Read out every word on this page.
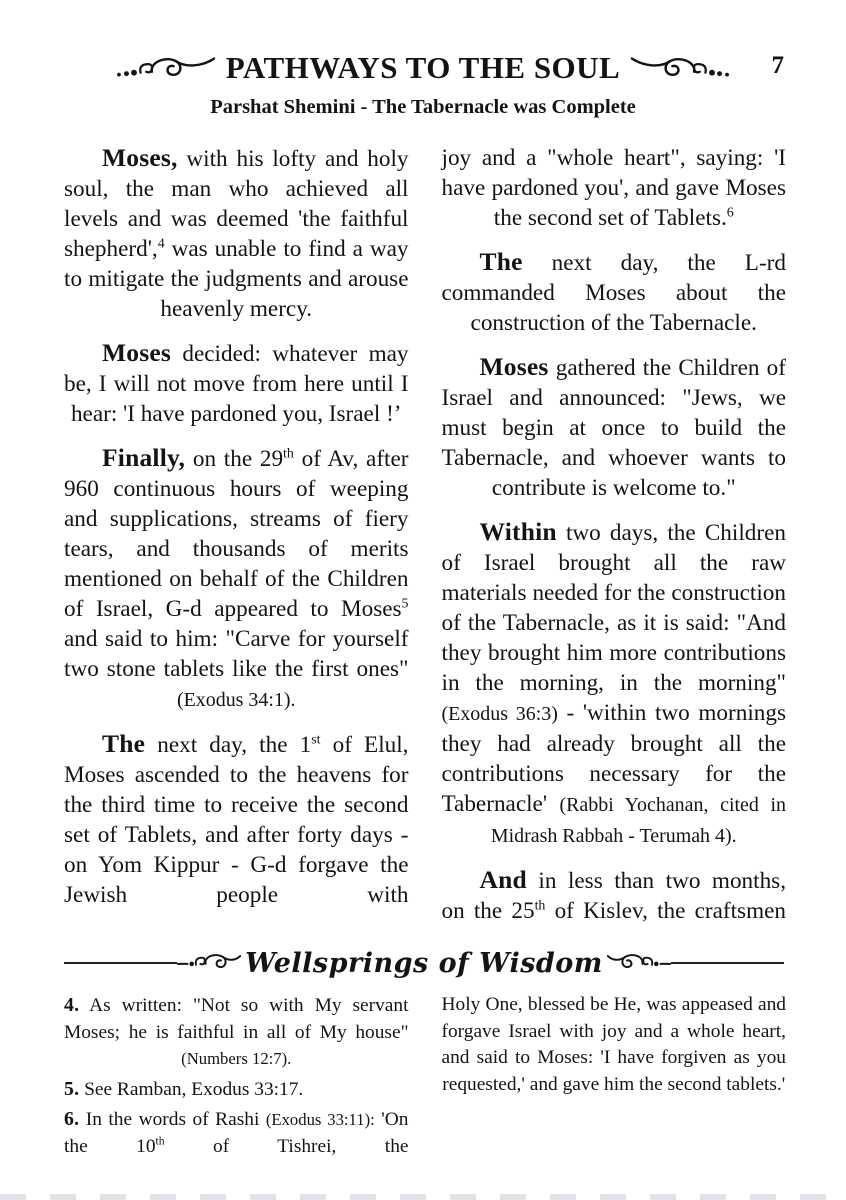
PATHWAYS TO THE SOUL	7
Parshat Shemini - The Tabernacle was Complete

Moses, with his lofty and holy soul, the man who achieved all levels and was deemed 'the faithful shepherd',$^4$ was unable to find a way to mitigate the judgments and arouse heavenly mercy.

Moses decided: whatever may be, I will not move from here until I hear: 'I have pardoned you, Israel !’

Finally, on the 29th of Av, after 960 continuous hours of weeping and supplications, streams of fiery tears, and thousands of merits mentioned on behalf of the Children of Israel, G-d appeared to Moses$^5$ and said to him: "Carve for yourself two stone tablets like the first ones" (Exodus 34:1).

The next day, the 1st of Elul, Moses ascended to the heavens for the third time to receive the second set of Tablets, and after forty days - on Yom Kippur - G-d forgave the Jewish people with

joy and a "whole heart", saying: 'I have pardoned you', and gave Moses the second set of Tablets.$^6$

The next day, the L-rd commanded Moses about the construction of the Tabernacle.

Moses gathered the Children of Israel and announced: "Jews, we must begin at once to build the Tabernacle, and whoever wants to contribute is welcome to."

Within two days, the Children of Israel brought all the raw materials needed for the construction of the Tabernacle, as it is said: "And they brought him more contributions in the morning, in the morning" (Exodus 36:3) - 'within two mornings they had already brought all the contributions necessary for the Tabernacle' (Rabbi Yochanan, cited in Midrash Rabbah - Terumah 4).

And in less than two months, on the 25th of Kislev, the craftsmen

Wellsprings of Wisdom

4. As written: "Not so with My servant Moses; he is faithful in all of My house" (Numbers 12:7).

5. See Ramban, Exodus 33:17.

6. In the words of Rashi (Exodus 33:11): 'On the 10th of Tishrei, the

Holy One, blessed be He, was appeased and forgave Israel with joy and a whole heart, and said to Moses: 'I have forgiven as you requested,' and gave him the second tablets.'
